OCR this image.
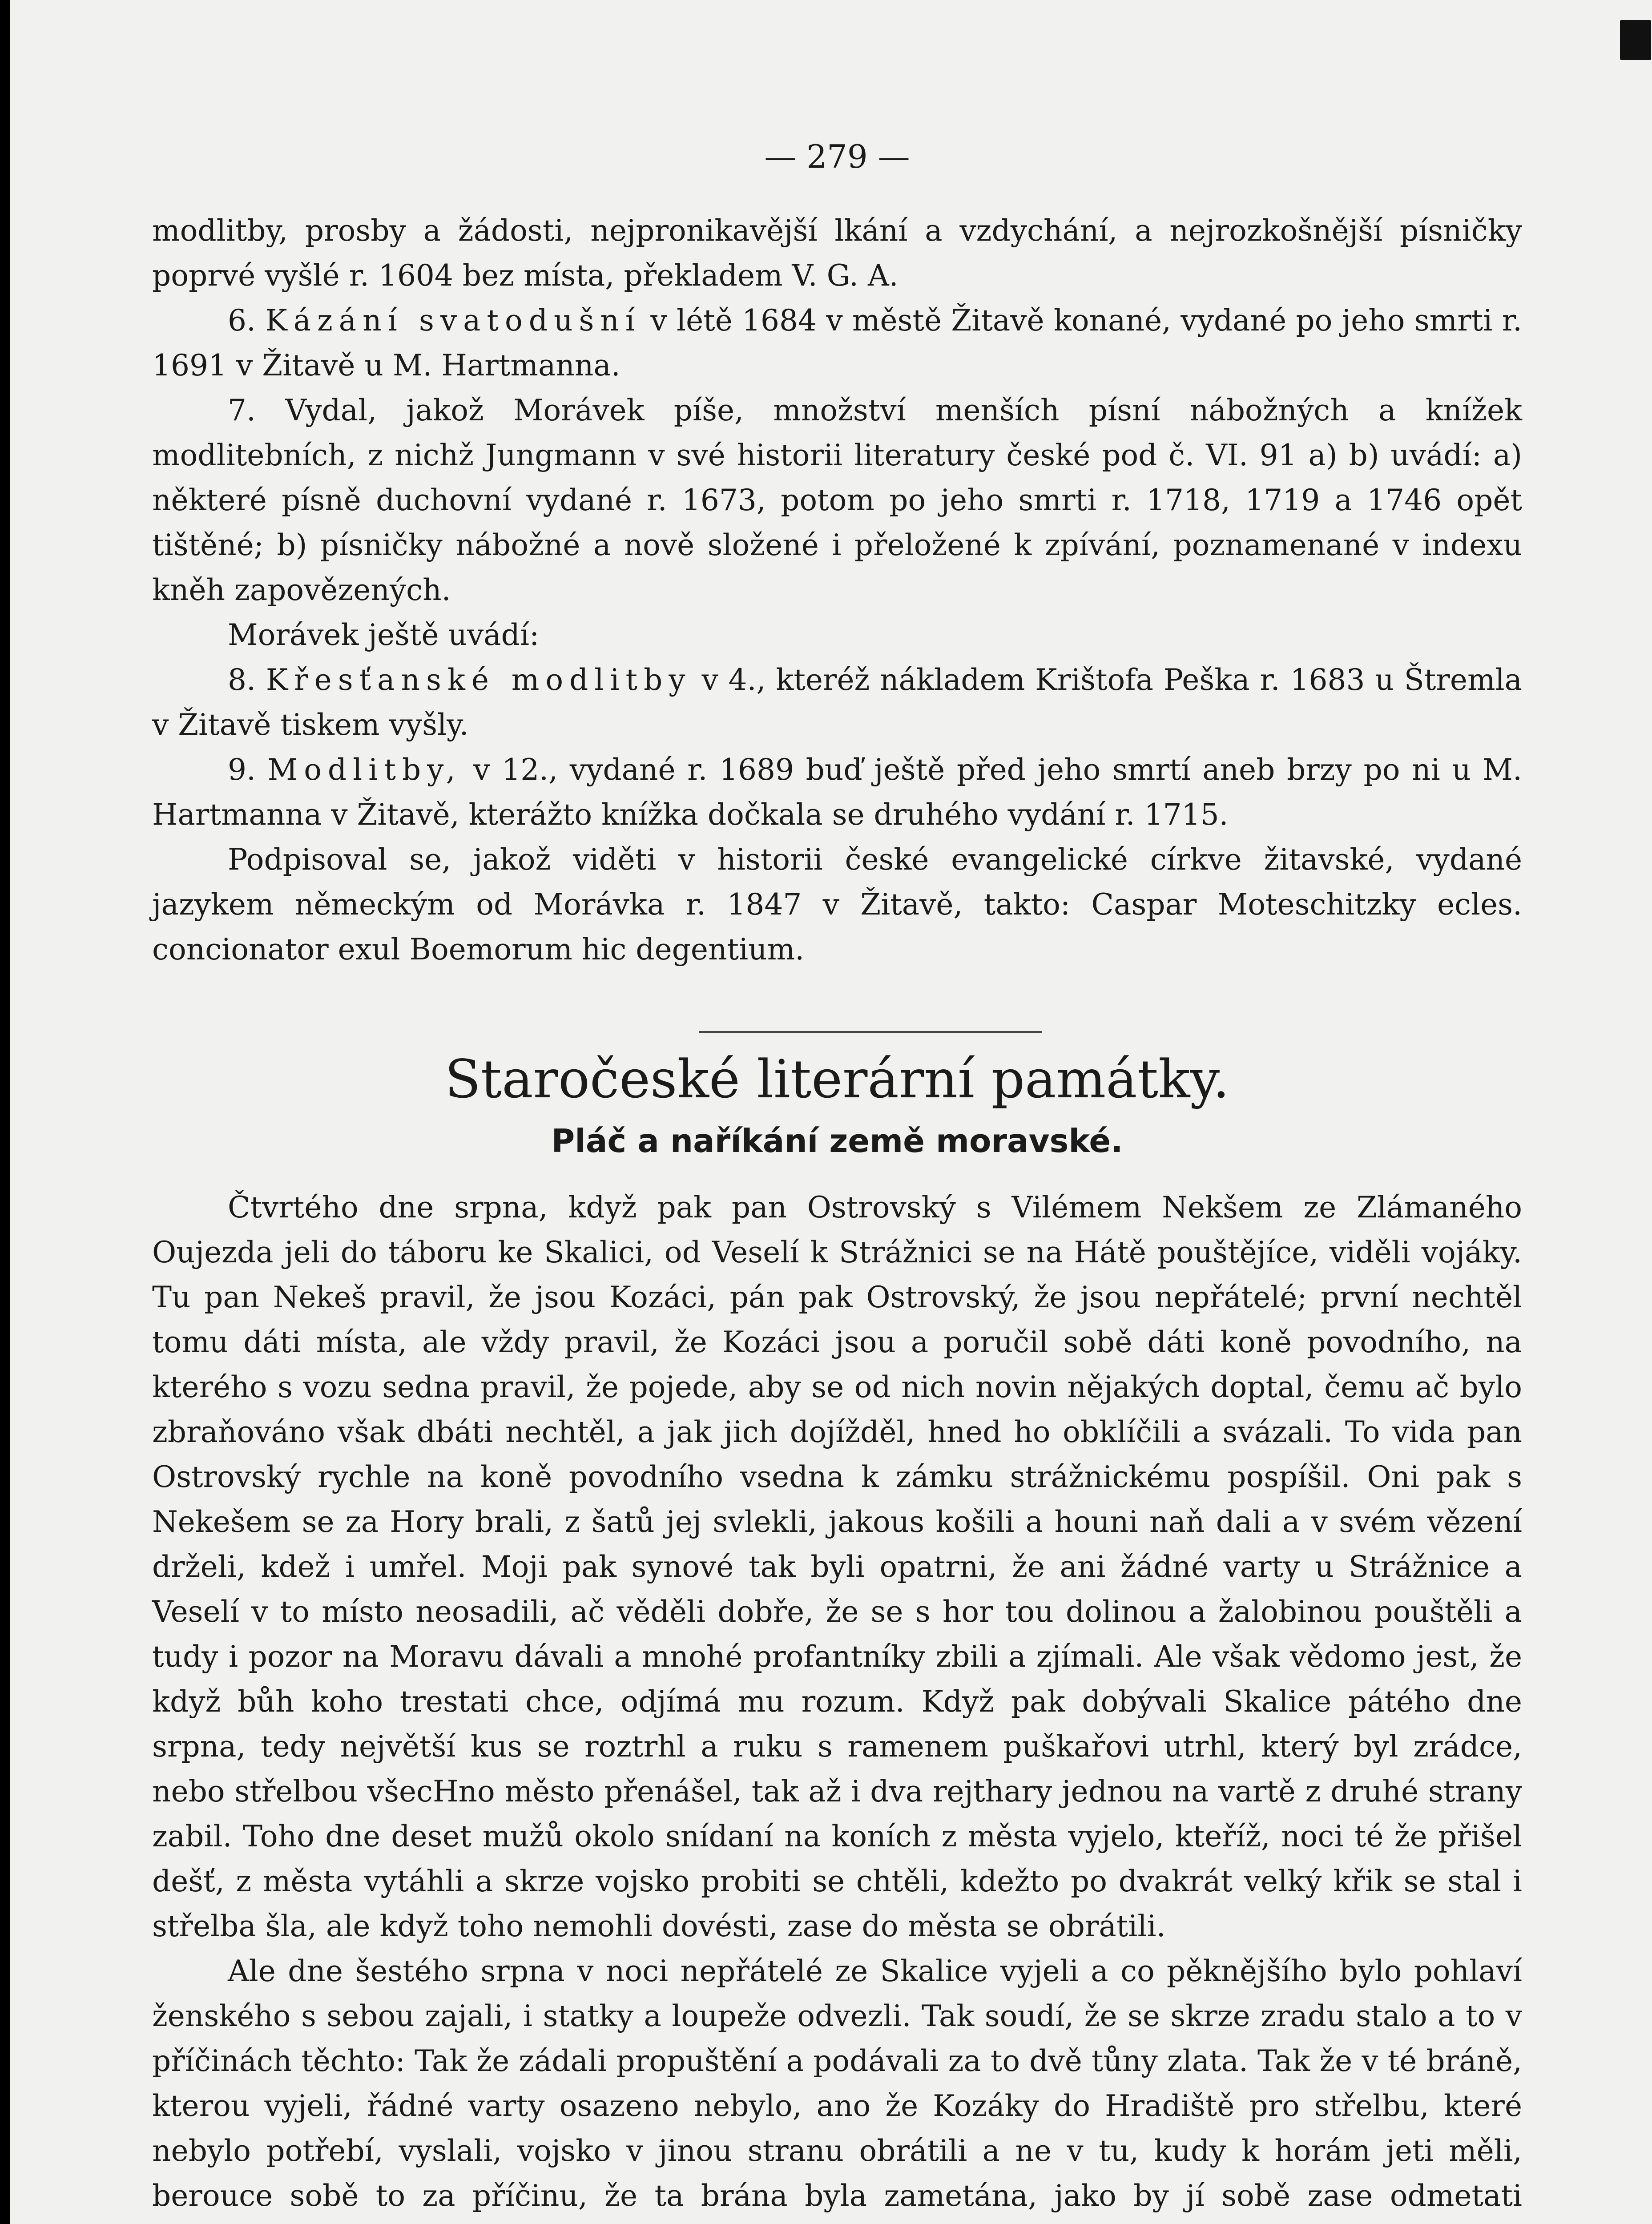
— 279 —

modlitby, prosby a žádosti, nejpronikavější lkání a vzdychání, a nejrozkošnější písničky poprvé vyšlé r. 1604 bez místa, překladem V. G. A.

6. Kázání svatodušní v létě 1684 v městě Žitavě konané, vydané po jeho smrti r. 1691 v Žitavě u M. Hartmanna.

7. Vydal, jakož Morávek píše, množství menších písní nábožných a knížek modlitebních, z nichž Jungmann v své historii literatury české pod č. VI. 91 a) b) uvádí: a) některé písně duchovní vydané r. 1673, potom po jeho smrti r. 1718, 1719 a 1746 opět tištěné; b) písničky nábožné a nově složené i přeložené k zpívání, poznamenané v indexu kněh zapovězených.

Morávek ještě uvádí:

8. Křesťanské modlitby v 4., kteréž nákladem Krištofa Peška r. 1683 u Štremla v Žitavě tiskem vyšly.

9. Modlitby, v 12., vydané r. 1689 buď ještě před jeho smrtí aneb brzy po ni u M. Hartmanna v Žitavě, kterážto knížka dočkala se druhého vydání r. 1715.

Podpisoval se, jakož viděti v historii české evangelické církve žitavské, vydané jazykem německým od Morávka r. 1847 v Žitavě, takto: Caspar Moteschitzky ecles. concionator exul Boemorum hic degentium.

Staročeské literární památky.
Pláč a naříkání země moravské.

Čtvrtého dne srpna, když pak pan Ostrovský s Vilémem Nekšem ze Zlámaného Oujezda jeli do táboru ke Skalici, od Veselí k Strážnici se na Hátě pouštějíce, viděli vojáky. Tu pan Nekeš pravil, že jsou Kozáci, pán pak Ostrovský, že jsou nepřátelé; první nechtěl tomu dáti místa, ale vždy pravil, že Kozáci jsou a poručil sobě dáti koně povodního, na kterého s vozu sedna pravil, že pojede, aby se od nich novin nějakých doptal, čemu ač bylo zbraňováno však dbáti nechtěl, a jak jich dojížděl, hned ho obklíčili a svázali. To vida pan Ostrovský rychle na koně povodního vsedna k zámku strážnickému pospíšil. Oni pak s Nekešem se za Hory brali, z šatů jej svlekli, jakous košili a houni naň dali a v svém vězení drželi, kdež i umřel. Moji pak synové tak byli opatrni, že ani žádné varty u Strážnice a Veselí v to místo neosadili, ač věděli dobře, že se s hor tou dolinou a žalobinou pouštěli a tudy i pozor na Moravu dávali a mnohé profantníky zbili a zjímali. Ale však vědomo jest, že když bůh koho trestati chce, odjímá mu rozum. Když pak dobývali Skalice pátého dne srpna, tedy největší kus se roztrhl a ruku s ramenem puškařovi utrhl, který byl zrádce, nebo střelbou všecHno město přenášel, tak až i dva rejthary jednou na vartě z druhé strany zabil. Toho dne deset mužů okolo snídaní na koních z města vyjelo, kteříž, noci té že přišel dešť, z města vytáhli a skrze vojsko probiti se chtěli, kdežto po dvakrát velký křik se stal i střelba šla, ale když toho nemohli dovésti, zase do města se obrátili.

Ale dne šestého srpna v noci nepřátelé ze Skalice vyjeli a co pěknějšího bylo pohlaví ženského s sebou zajali, i statky a loupeže odvezli. Tak soudí, že se skrze zradu stalo a to v příčinách těchto: Tak že zádali propuštění a podávali za to dvě tůny zlata. Tak že v té bráně, kterou vyjeli, řádné varty osazeno nebylo, ano že Kozáky do Hradiště pro střelbu, které nebylo potřebí, vyslali, vojsko v jinou stranu obrátili a ne v tu, kudy k horám jeti měli, berouce sobě to za příčinu, že ta brána byla zametána, jako by jí sobě zase odmetati
